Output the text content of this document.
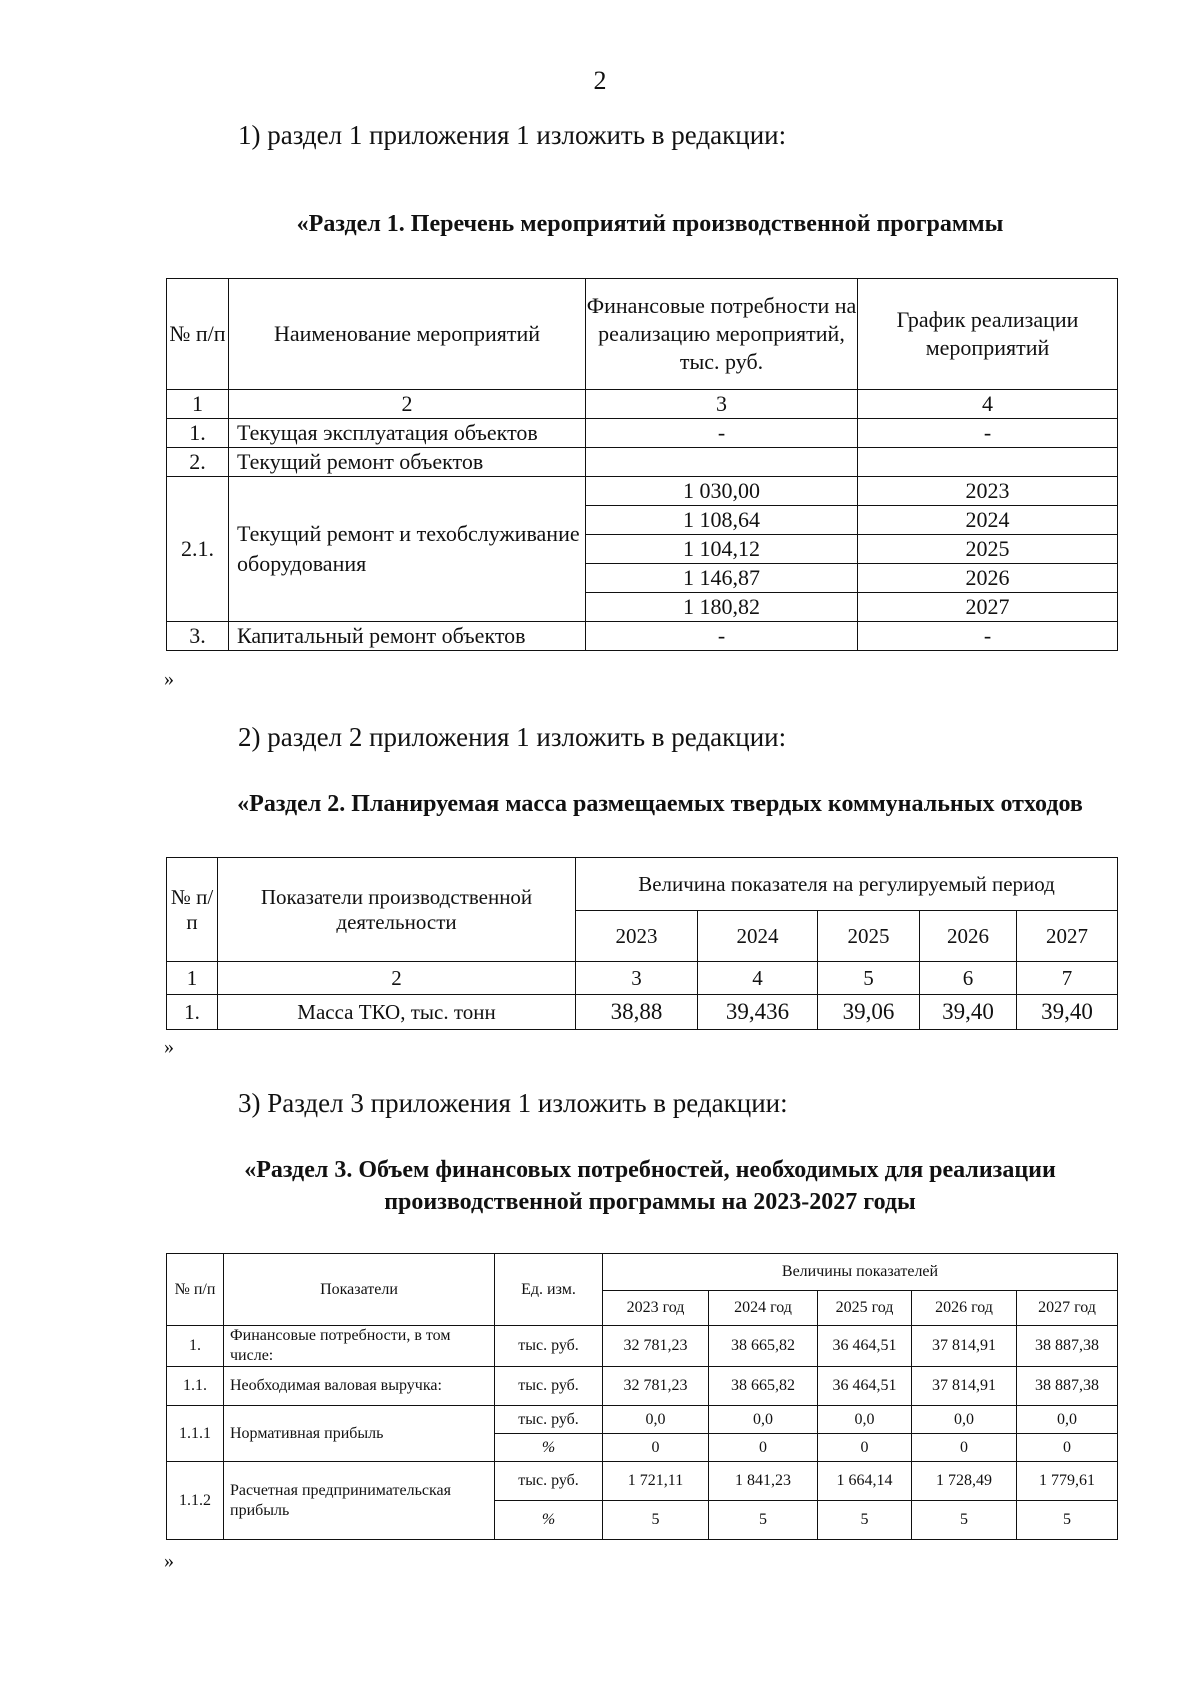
2
1) раздел 1 приложения 1 изложить в редакции:
«Раздел 1. Перечень мероприятий производственной программы
№ п/п	Наименование мероприятий	Финансовые потребности на реализацию мероприятий, тыс. руб.	График реализации мероприятий
1	2	3	4
1.	Текущая эксплуатация объектов	-	-
2.	Текущий ремонт объектов		
2.1.	Текущий ремонт и техобслуживание оборудования	1 030,00	2023
		1 108,64	2024
		1 104,12	2025
		1 146,87	2026
		1 180,82	2027
3.	Капитальный ремонт объектов	-	-
»
2) раздел 2 приложения 1 изложить в редакции:
«Раздел 2. Планируемая масса размещаемых твердых коммунальных отходов
№ п/п	Показатели производственной деятельности	Величина показателя на регулируемый период				
		2023	2024	2025	2026	2027
1	2	3	4	5	6	7
1.	Масса ТКО, тыс. тонн	38,88	39,436	39,06	39,40	39,40
»
3) Раздел 3 приложения 1 изложить в редакции:
«Раздел 3. Объем финансовых потребностей, необходимых для реализации
производственной программы на 2023-2027 годы
№ п/п	Показатели	Ед. изм.	Величины показателей				
			2023 год	2024 год	2025 год	2026 год	2027 год
1.	Финансовые потребности, в том числе:	тыс. руб.	32 781,23	38 665,82	36 464,51	37 814,91	38 887,38
1.1.	Необходимая валовая выручка:	тыс. руб.	32 781,23	38 665,82	36 464,51	37 814,91	38 887,38
1.1.1	Нормативная прибыль	тыс. руб.	0,0	0,0	0,0	0,0	0,0
		%	0	0	0	0	0
1.1.2	Расчетная предпринимательская прибыль	тыс. руб.	1 721,11	1 841,23	1 664,14	1 728,49	1 779,61
		%	5	5	5	5	5
»
